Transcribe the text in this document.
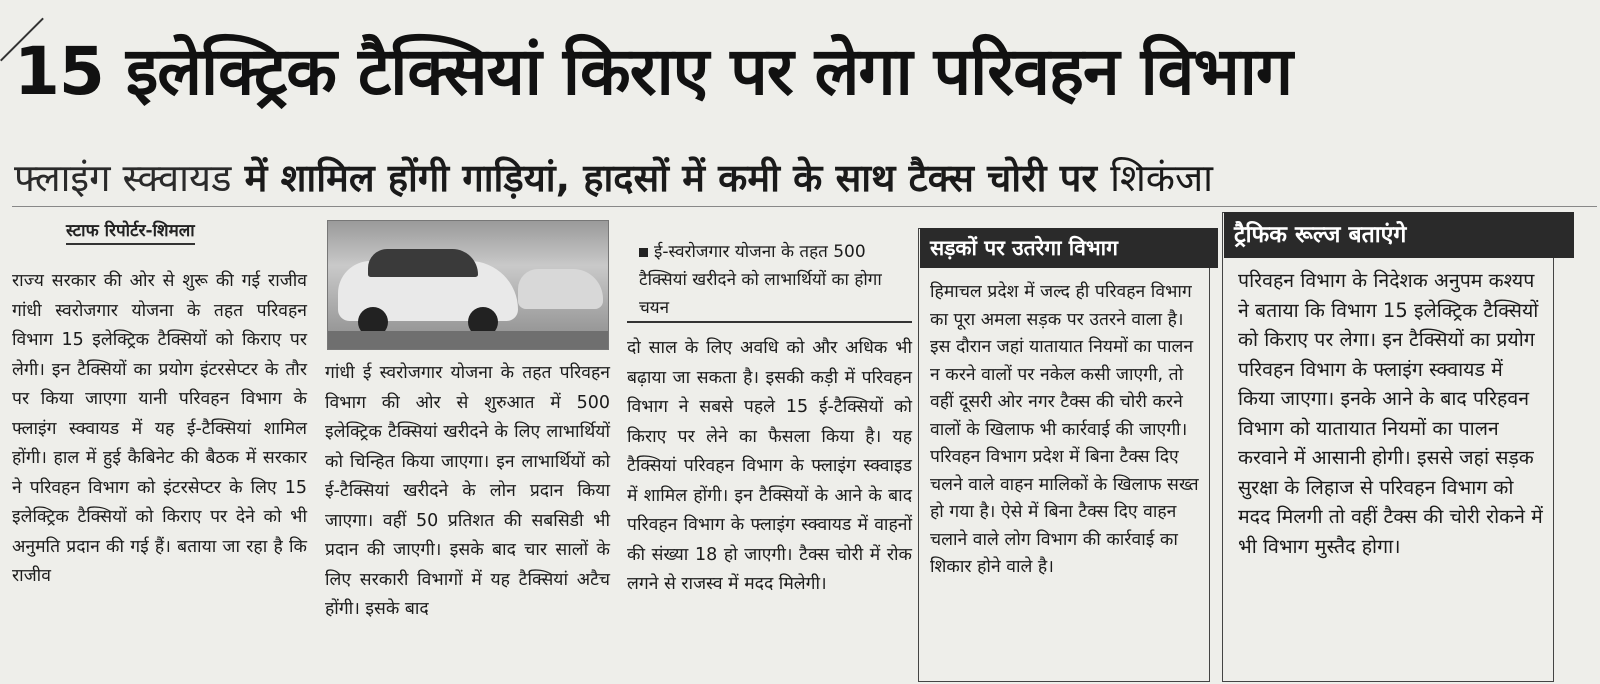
15 इलेक्ट्रिक टैक्सियां किराए पर लेगा परिवहन विभाग
फ्लाइंग स्क्वायड में शामिल होंगी गाड़ियां, हादसों में कमी के साथ टैक्स चोरी पर शिकंजा
स्टाफ रिपोर्टर-शिमला
राज्य सरकार की ओर से शुरू की गई राजीव गांधी स्वरोजगार योजना के तहत परिवहन विभाग 15 इलेक्ट्रिक टैक्सियों को किराए पर लेगी। इन टैक्सियों का प्रयोग इंटरसेप्टर के तौर पर किया जाएगा यानी परिवहन विभाग के फ्लाइंग स्क्वायड में यह ई-टैक्सियां शामिल होंगी। हाल में हुई कैबिनेट की बैठक में सरकार ने परिवहन विभाग को इंटरसेप्टर के लिए 15 इलेक्ट्रिक टैक्सियों को किराए पर देने को भी अनुमति प्रदान की गई हैं। बताया जा रहा है कि राजीव
गांधी ई स्वरोजगार योजना के तहत परिवहन विभाग की ओर से शुरुआत में 500 इलेक्ट्रिक टैक्सियां खरीदने के लिए लाभार्थियों को चिन्हित किया जाएगा। इन लाभार्थियों को ई-टैक्सियां खरीदने के लोन प्रदान किया जाएगा। वहीं 50 प्रतिशत की सबसिडी भी प्रदान की जाएगी। इसके बाद चार सालों के लिए सरकारी विभागों में यह टैक्सियां अटैच होंगी। इसके बाद
ई-स्वरोजगार योजना के तहत 500 टैक्सियां खरीदने को लाभार्थियों का होगा चयन
दो साल के लिए अवधि को और अधिक भी बढ़ाया जा सकता है। इसकी कड़ी में परिवहन विभाग ने सबसे पहले 15 ई-टैक्सियों को किराए पर लेने का फैसला किया है। यह टैक्सियां परिवहन विभाग के फ्लाइंग स्क्वाइड में शामिल होंगी। इन टैक्सियों के आने के बाद परिवहन विभाग के फ्लाइंग स्क्वायड में वाहनों की संख्या 18 हो जाएगी। टैक्स चोरी में रोक लगने से राजस्व में मदद मिलेगी।
सड़कों पर उतरेगा विभाग
हिमाचल प्रदेश में जल्द ही परिवहन विभाग का पूरा अमला सड़क पर उतरने वाला है। इस दौरान जहां यातायात नियमों का पालन न करने वालों पर नकेल कसी जाएगी, तो वहीं दूसरी ओर नगर टैक्स की चोरी करने वालों के खिलाफ भी कार्रवाई की जाएगी। परिवहन विभाग प्रदेश में बिना टैक्स दिए चलने वाले वाहन मालिकों के खिलाफ सख्त हो गया है। ऐसे में बिना टैक्स दिए वाहन चलाने वाले लोग विभाग की कार्रवाई का शिकार होने वाले है।
ट्रैफिक रूल्ज बताएंगे
परिवहन विभाग के निदेशक अनुपम कश्यप ने बताया कि विभाग 15 इलेक्ट्रिक टैक्सियों को किराए पर लेगा। इन टैक्सियों का प्रयोग परिवहन विभाग के फ्लाइंग स्क्वायड में किया जाएगा। इनके आने के बाद परिहवन विभाग को यातायात नियमों का पालन करवाने में आसानी होगी। इससे जहां सड़क सुरक्षा के लिहाज से परिवहन विभाग को मदद मिलगी तो वहीं टैक्स की चोरी रोकने में भी विभाग मुस्तैद होगा।
